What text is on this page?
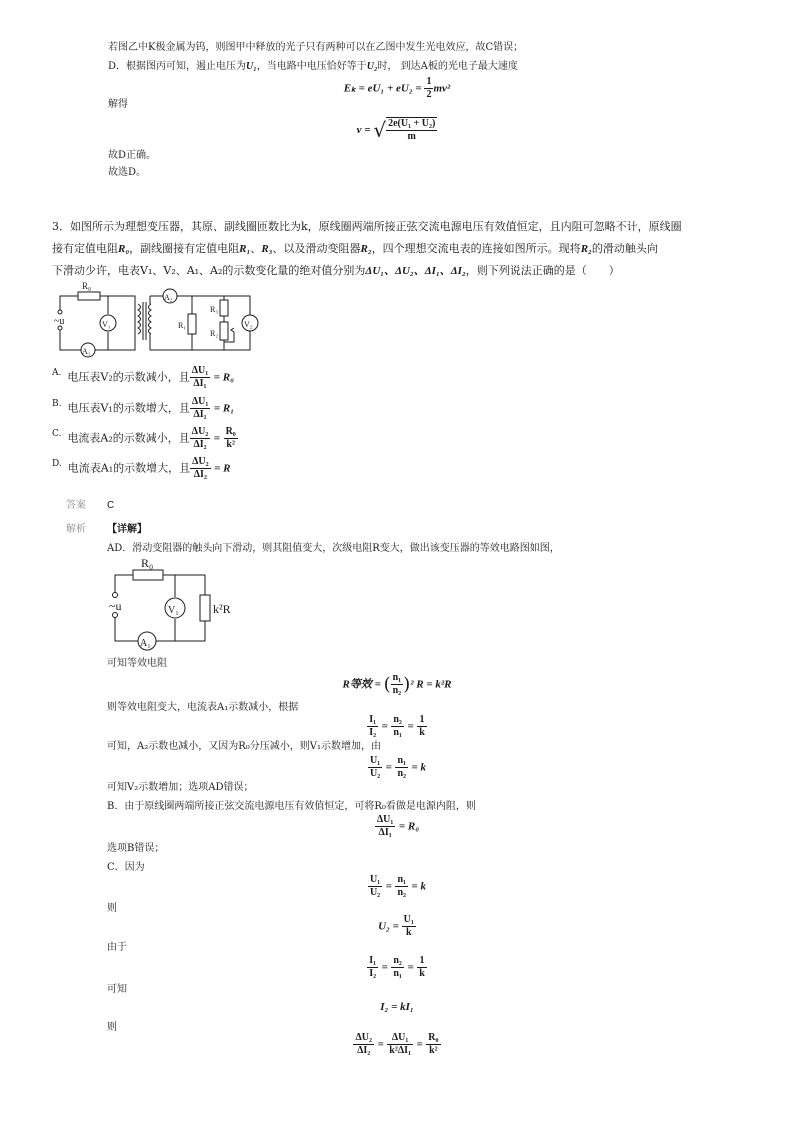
若图乙中K极金属为钨，则图甲中释放的光子只有两种可以在乙图中发生光电效应，故C错误；
D．根据图丙可知，遏止电压为U₁，当电路中电压恰好等于U₂时， 到达A板的光电子最大速度
$E_k = eU_1 + eU_2 = \frac{1}{2} mv^2$
解得
v = √ $\frac{\text{2e(U₁ + U₂)}}{m}$
故D正确。
故选D。
3．如图所示为理想变压器，其原、副线圈匝数比为k，原线圈两端所接正弦交流电源电压有效值恒定，且内阻可忽略不计，原线圈
接有定值电阻R₀，副线圈接有定值电阻R₁、R₃、以及滑动变阻器R₂，四个理想交流电表的连接如图所示。现将R₂的滑动触头向
下滑动少许，电表V₁、V₂、A₁、A₂的示数变化量的绝对值分别为ΔU₁、ΔU₂、ΔI₁、ΔI₂，则下列说法正确的是（　　）
R₀
~u	V₁
A₁
A₂
R₁
R₃
R₂
V₂
$^{A.}$ 电压表V₂的示数减小，且 $\frac{\text{ΔU₁}}{\text{ΔI₁}} = R_0$
$^{B.}$ 电压表V₁的示数增大，且 $\frac{\text{ΔU₁}}{\text{ΔI₁}} = R_1$
$^{C.}$ 电流表A₂的示数减小，且 $\frac{\text{ΔU₂}}{\text{ΔI₂}} = \frac{\text{R₀}}{\text{k²}}$
$^{D.}$ 电流表A₁的示数增大，且 $\frac{\text{ΔU₂}}{\text{ΔI₂}} = R$
答案 C
解析 【详解】
AD．滑动变阻器的触头向下滑动，则其阻值变大，次级电阻R变大，做出该变压器的等效电路图如图，
R₀
~u	V₁	k²R
A₁
可知等效电阻
R等效 = ( $\frac{\text{n₁}}{\text{n₂}} )^2$ R = k²R
则等效电阻变大，电流表A₁示数减小，根据
$\frac{\text{I₁}}{\text{I₂}} = \frac{\text{n₂}}{\text{n₁}} = \frac{1}{k}$
可知，A₂示数也减小，又因为R₀分压减小，则V₁示数增加，由
$\frac{\text{U₁}}{\text{U₂}} = \frac{\text{n₁}}{\text{n₂}} = k$
可知V₂示数增加；选项AD错误；
B．由于原线圈两端所接正弦交流电源电压有效值恒定，可将R₀看做是电源内阻，则
$\frac{\text{ΔU₁}}{\text{ΔI₁}} = R_0$
选项B错误；
C．因为
$\frac{\text{U₁}}{\text{U₂}} = \frac{\text{n₁}}{\text{n₂}} = k$
则
$U_2 = \frac{\text{U₁}}{k}$
由于
$\frac{\text{I₁}}{\text{I₂}} = \frac{\text{n₂}}{\text{n₁}} = \frac{1}{k}$
可知
I₂ = kI₁
则
$\frac{\text{ΔU₂}}{\text{ΔI₂}} = \frac{\text{ΔU₁}}{\text{k²ΔI₁}} = \frac{\text{R₀}}{\text{k²}}$
